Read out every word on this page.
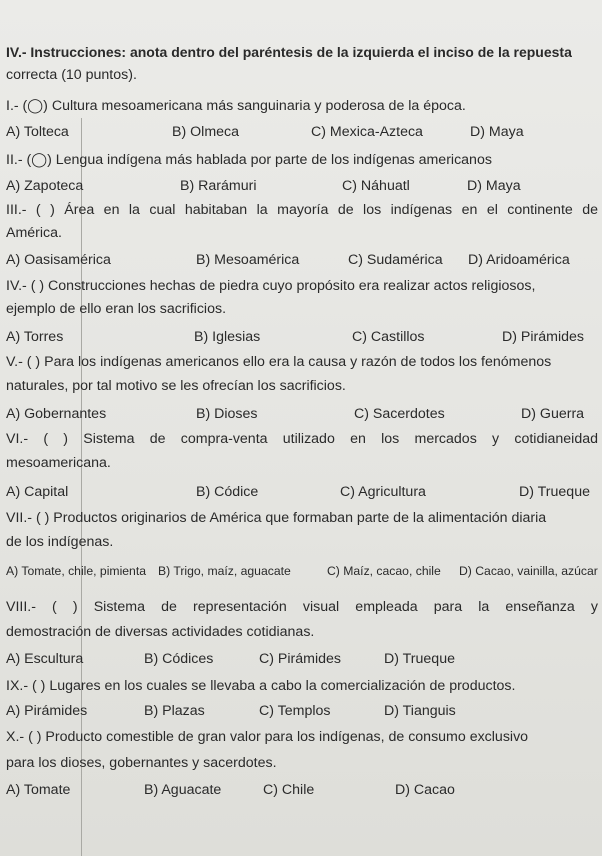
IV.- Instrucciones: anota dentro del paréntesis de la izquierda el inciso de la repuesta
correcta (10 puntos).
I.- (◯) Cultura mesoamericana más sanguinaria y poderosa de la época.
A) Tolteca	B) Olmeca	C) Mexica-Azteca	D) Maya
II.- (◯) Lengua indígena más hablada por parte de los indígenas americanos
A) Zapoteca	B) Rarámuri	C) Náhuatl	D) Maya
III.- ( ) Área en la cual habitaban la mayoría de los indígenas en el continente de
América.
A) Oasisamérica	B) Mesoamérica	C) Sudamérica D) Aridoamérica
IV.- ( ) Construcciones hechas de piedra cuyo propósito era realizar actos religiosos,
ejemplo de ello eran los sacrificios.
A) Torres	B) Iglesias	C) Castillos	D) Pirámides
V.- ( ) Para los indígenas americanos ello era la causa y razón de todos los fenómenos
naturales, por tal motivo se les ofrecían los sacrificios.
A) Gobernantes	B) Dioses	C) Sacerdotes	D) Guerra
VI.- ( ) Sistema de compra-venta utilizado en los mercados y cotidianeidad
mesoamericana.
A) Capital	B) Códice	C) Agricultura	D) Trueque
VII.- ( ) Productos originarios de América que formaban parte de la alimentación diaria
de los indígenas.
A) Tomate, chile, pimienta B) Trigo, maíz, aguacate	C) Maíz, cacao, chile D) Cacao, vainilla, azúcar
VIII.- ( ) Sistema de representación visual empleada para la enseñanza y
demostración de diversas actividades cotidianas.
A) Escultura	B) Códices	C) Pirámides	D) Trueque
IX.- ( ) Lugares en los cuales se llevaba a cabo la comercialización de productos.
A) Pirámides	B) Plazas	C) Templos	D) Tianguis
X.- ( ) Producto comestible de gran valor para los indígenas, de consumo exclusivo
para los dioses, gobernantes y sacerdotes.
A) Tomate	B) Aguacate	C) Chile	D) Cacao
